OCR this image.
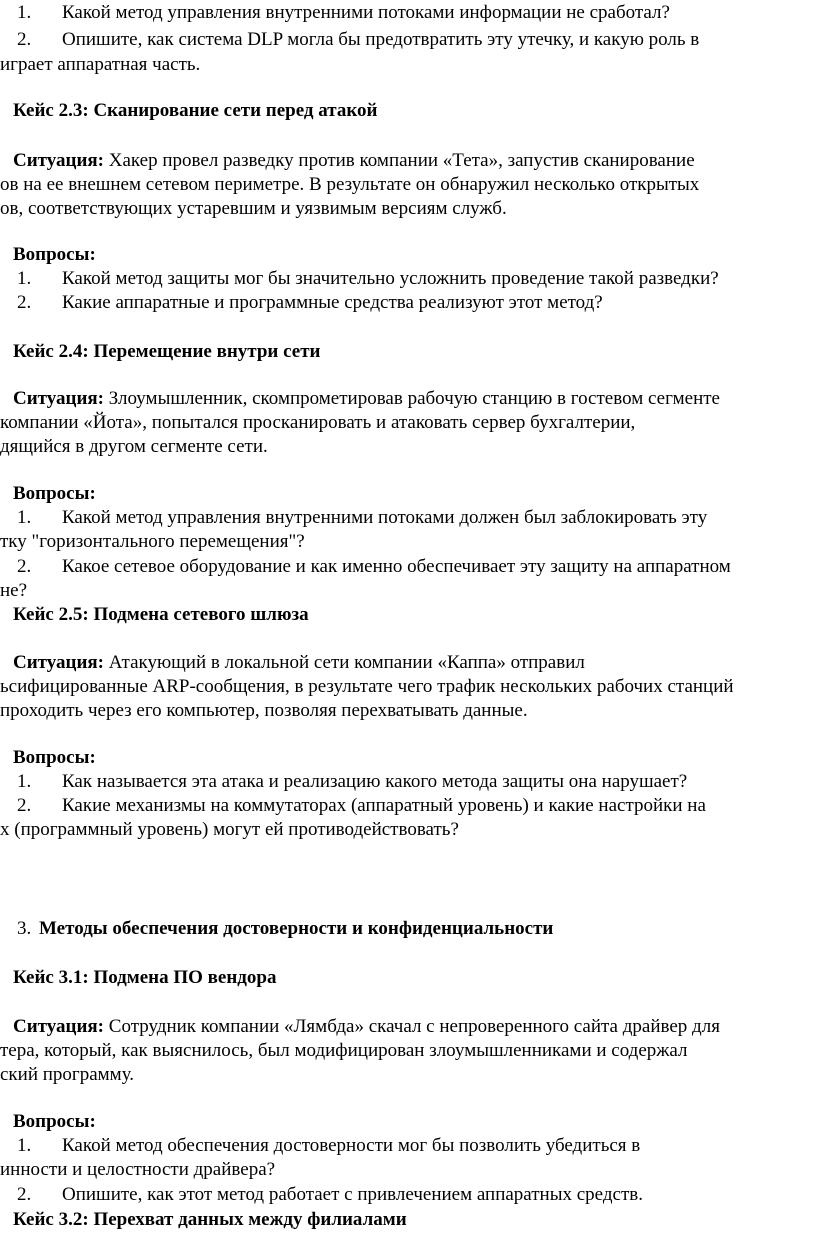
1. Какой метод управления внутренними потоками информации не сработал?
2. Опишите, как система DLP могла бы предотвратить эту утечку, и какую роль в
играет аппаратная часть.
Кейс 2.3: Сканирование сети перед атакой
Ситуация: Хакер провел разведку против компании «Тета», запустив сканирование
ов на ее внешнем сетевом периметре. В результате он обнаружил несколько открытых
ов, соответствующих устаревшим и уязвимым версиям служб.
Вопросы:
1. Какой метод защиты мог бы значительно усложнить проведение такой разведки?
2. Какие аппаратные и программные средства реализуют этот метод?
Кейс 2.4: Перемещение внутри сети
Ситуация: Злоумышленник, скомпрометировав рабочую станцию в гостевом сегменте
компании «Йота», попытался просканировать и атаковать сервер бухгалтерии,
дящийся в другом сегменте сети.
Вопросы:
1. Какой метод управления внутренними потоками должен был заблокировать эту
тку "горизонтального перемещения"?
2. Какое сетевое оборудование и как именно обеспечивает эту защиту на аппаратном
не?
Кейс 2.5: Подмена сетевого шлюза
Ситуация: Атакующий в локальной сети компании «Каппа» отправил
ьсифицированные ARP-сообщения, в результате чего трафик нескольких рабочих станций
проходить через его компьютер, позволяя перехватывать данные.
Вопросы:
1. Как называется эта атака и реализацию какого метода защиты она нарушает?
2. Какие механизмы на коммутаторах (аппаратный уровень) и какие настройки на
х (программный уровень) могут ей противодействовать?
3. Методы обеспечения достоверности и конфиденциальности
Кейс 3.1: Подмена ПО вендора
Ситуация: Сотрудник компании «Лямбда» скачал с непроверенного сайта драйвер для
тера, который, как выяснилось, был модифицирован злоумышленниками и содержал
ский программу.
Вопросы:
1. Какой метод обеспечения достоверности мог бы позволить убедиться в
инности и целостности драйвера?
2. Опишите, как этот метод работает с привлечением аппаратных средств.
Кейс 3.2: Перехват данных между филиалами
